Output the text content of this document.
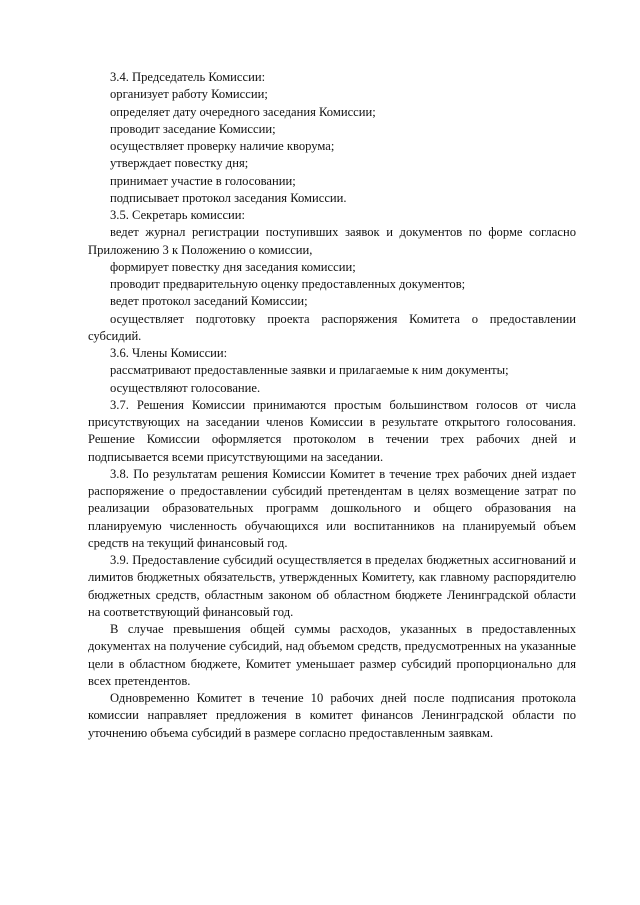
3.4. Председатель Комиссии:

организует работу Комиссии;

определяет дату очередного заседания Комиссии;

проводит заседание Комиссии;

осуществляет проверку наличие кворума;

утверждает повестку дня;

принимает участие в голосовании;

подписывает протокол заседания Комиссии.

3.5. Секретарь комиссии:

ведет журнал регистрации поступивших заявок и документов по форме согласно Приложению 3 к Положению о комиссии,

формирует повестку дня заседания комиссии;

проводит предварительную оценку предоставленных документов;

ведет протокол заседаний Комиссии;

осуществляет подготовку проекта распоряжения Комитета о предоставлении субсидий.

3.6. Члены Комиссии:

рассматривают предоставленные заявки и прилагаемые к ним документы;

осуществляют голосование.

3.7. Решения Комиссии принимаются простым большинством голосов от числа присутствующих на заседании членов Комиссии в результате открытого голосования. Решение Комиссии оформляется протоколом в течении трех рабочих дней и подписывается всеми присутствующими на заседании.

3.8. По результатам решения Комиссии Комитет в течение трех рабочих дней издает распоряжение о предоставлении субсидий претендентам в целях возмещение затрат по реализации образовательных программ дошкольного и общего образования на планируемую численность обучающихся или воспитанников на планируемый объем средств на текущий финансовый год.

3.9. Предоставление субсидий осуществляется в пределах бюджетных ассигнований и лимитов бюджетных обязательств, утвержденных Комитету, как главному распорядителю бюджетных средств, областным законом об областном бюджете Ленинградской области на соответствующий финансовый год.

В случае превышения общей суммы расходов, указанных в предоставленных документах на получение субсидий, над объемом средств, предусмотренных на указанные цели в областном бюджете, Комитет уменьшает размер субсидий пропорционально для всех претендентов.

Одновременно Комитет в течение 10 рабочих дней после подписания протокола комиссии направляет предложения в комитет финансов Ленинградской области по уточнению объема субсидий в размере согласно предоставленным заявкам.
